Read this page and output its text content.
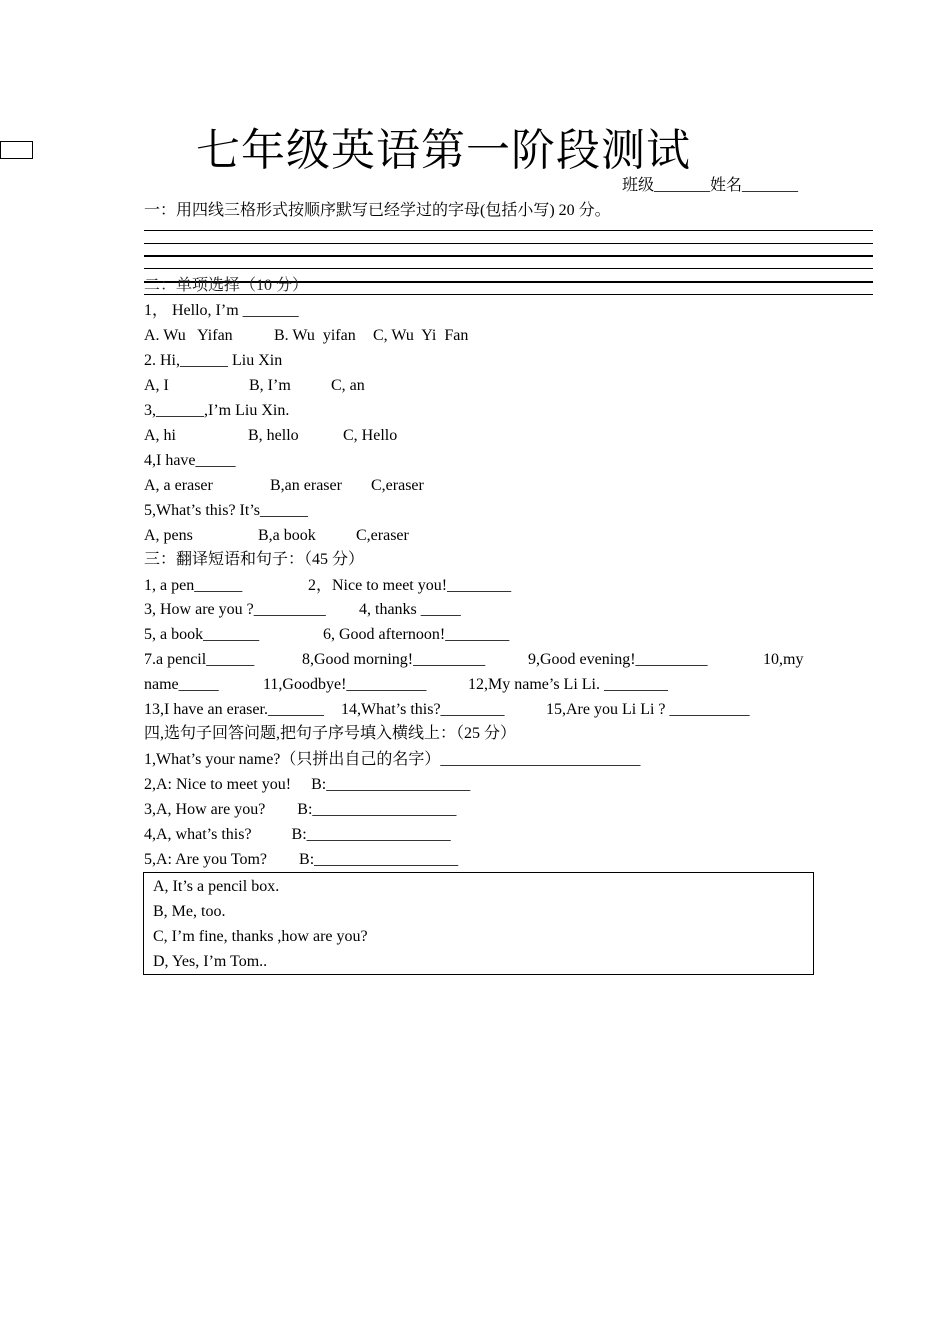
七年级英语第一阶段测试
班级_______姓名_______
一：用四线三格形式按顺序默写已经学过的字母(包括小写) 20 分。
二：单项选择（10 分）
1， Hello, I’m _______
A. Wu   Yifan	B. Wu  yifan C, Wu  Yi  Fan
2. Hi,______ Liu Xin
A, I	B, I’m	C, an
3,______,I’m Liu Xin.
A, hi	B, hello	C, Hello
4,I have_____
A, a eraser	B,an eraser C,eraser
5,What’s this? It’s______
A, pens	B,a book	C,eraser
三：翻译短语和句子：（45 分）
1, a pen______	2，Nice to meet you!________
3, How are you ?_________ 4, thanks _____
5, a book_______	6, Good afternoon!________
7.a pencil______	8,Good morning!_________	9,Good evening!_________	10,my
name_____	11,Goodbye!__________	12,My name’s Li Li. ________
13,I have an eraser._______ 14,What’s this?________	15,Are you Li Li ? __________
四,选句子回答问题,把句子序号填入横线上：（25 分）
1,What’s your name?（只拼出自己的名字）_________________________
2,A: Nice to meet you!     B:__________________
3,A, How are you?        B:__________________
4,A, what’s this?          B:__________________
5,A: Are you Tom?        B:__________________
A, It’s a pencil box.
B, Me, too.
C, I’m fine, thanks ,how are you?
D, Yes, I’m Tom..
